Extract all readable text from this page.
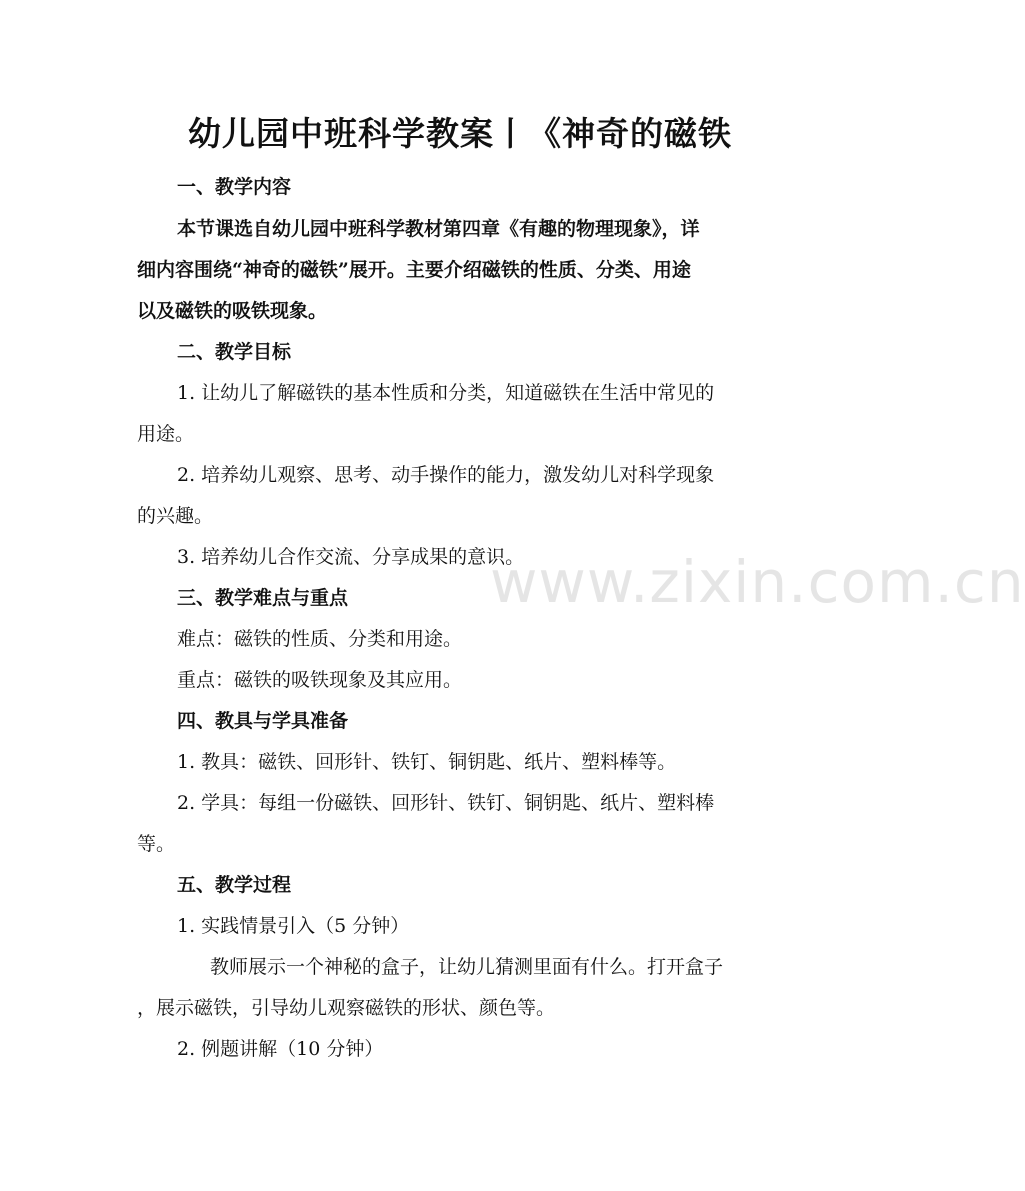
www.zixin.com.cn
幼儿园中班科学教案丨《神奇的磁铁

一、教学内容

本节课选自幼儿园中班科学教材第四章《有趣的物理现象》，详

细内容围绕“神奇的磁铁”展开。主要介绍磁铁的性质、分类、用途

以及磁铁的吸铁现象。

二、教学目标

1. 让幼儿了解磁铁的基本性质和分类，知道磁铁在生活中常见的

用途。

2. 培养幼儿观察、思考、动手操作的能力，激发幼儿对科学现象

的兴趣。

3. 培养幼儿合作交流、分享成果的意识。

三、教学难点与重点

难点：磁铁的性质、分类和用途。

重点：磁铁的吸铁现象及其应用。

四、教具与学具准备

1. 教具：磁铁、回形针、铁钉、铜钥匙、纸片、塑料棒等。

2. 学具：每组一份磁铁、回形针、铁钉、铜钥匙、纸片、塑料棒

等。

五、教学过程

1. 实践情景引入（5 分钟）

教师展示一个神秘的盒子，让幼儿猜测里面有什么。打开盒子

，展示磁铁，引导幼儿观察磁铁的形状、颜色等。

2. 例题讲解（10 分钟）
